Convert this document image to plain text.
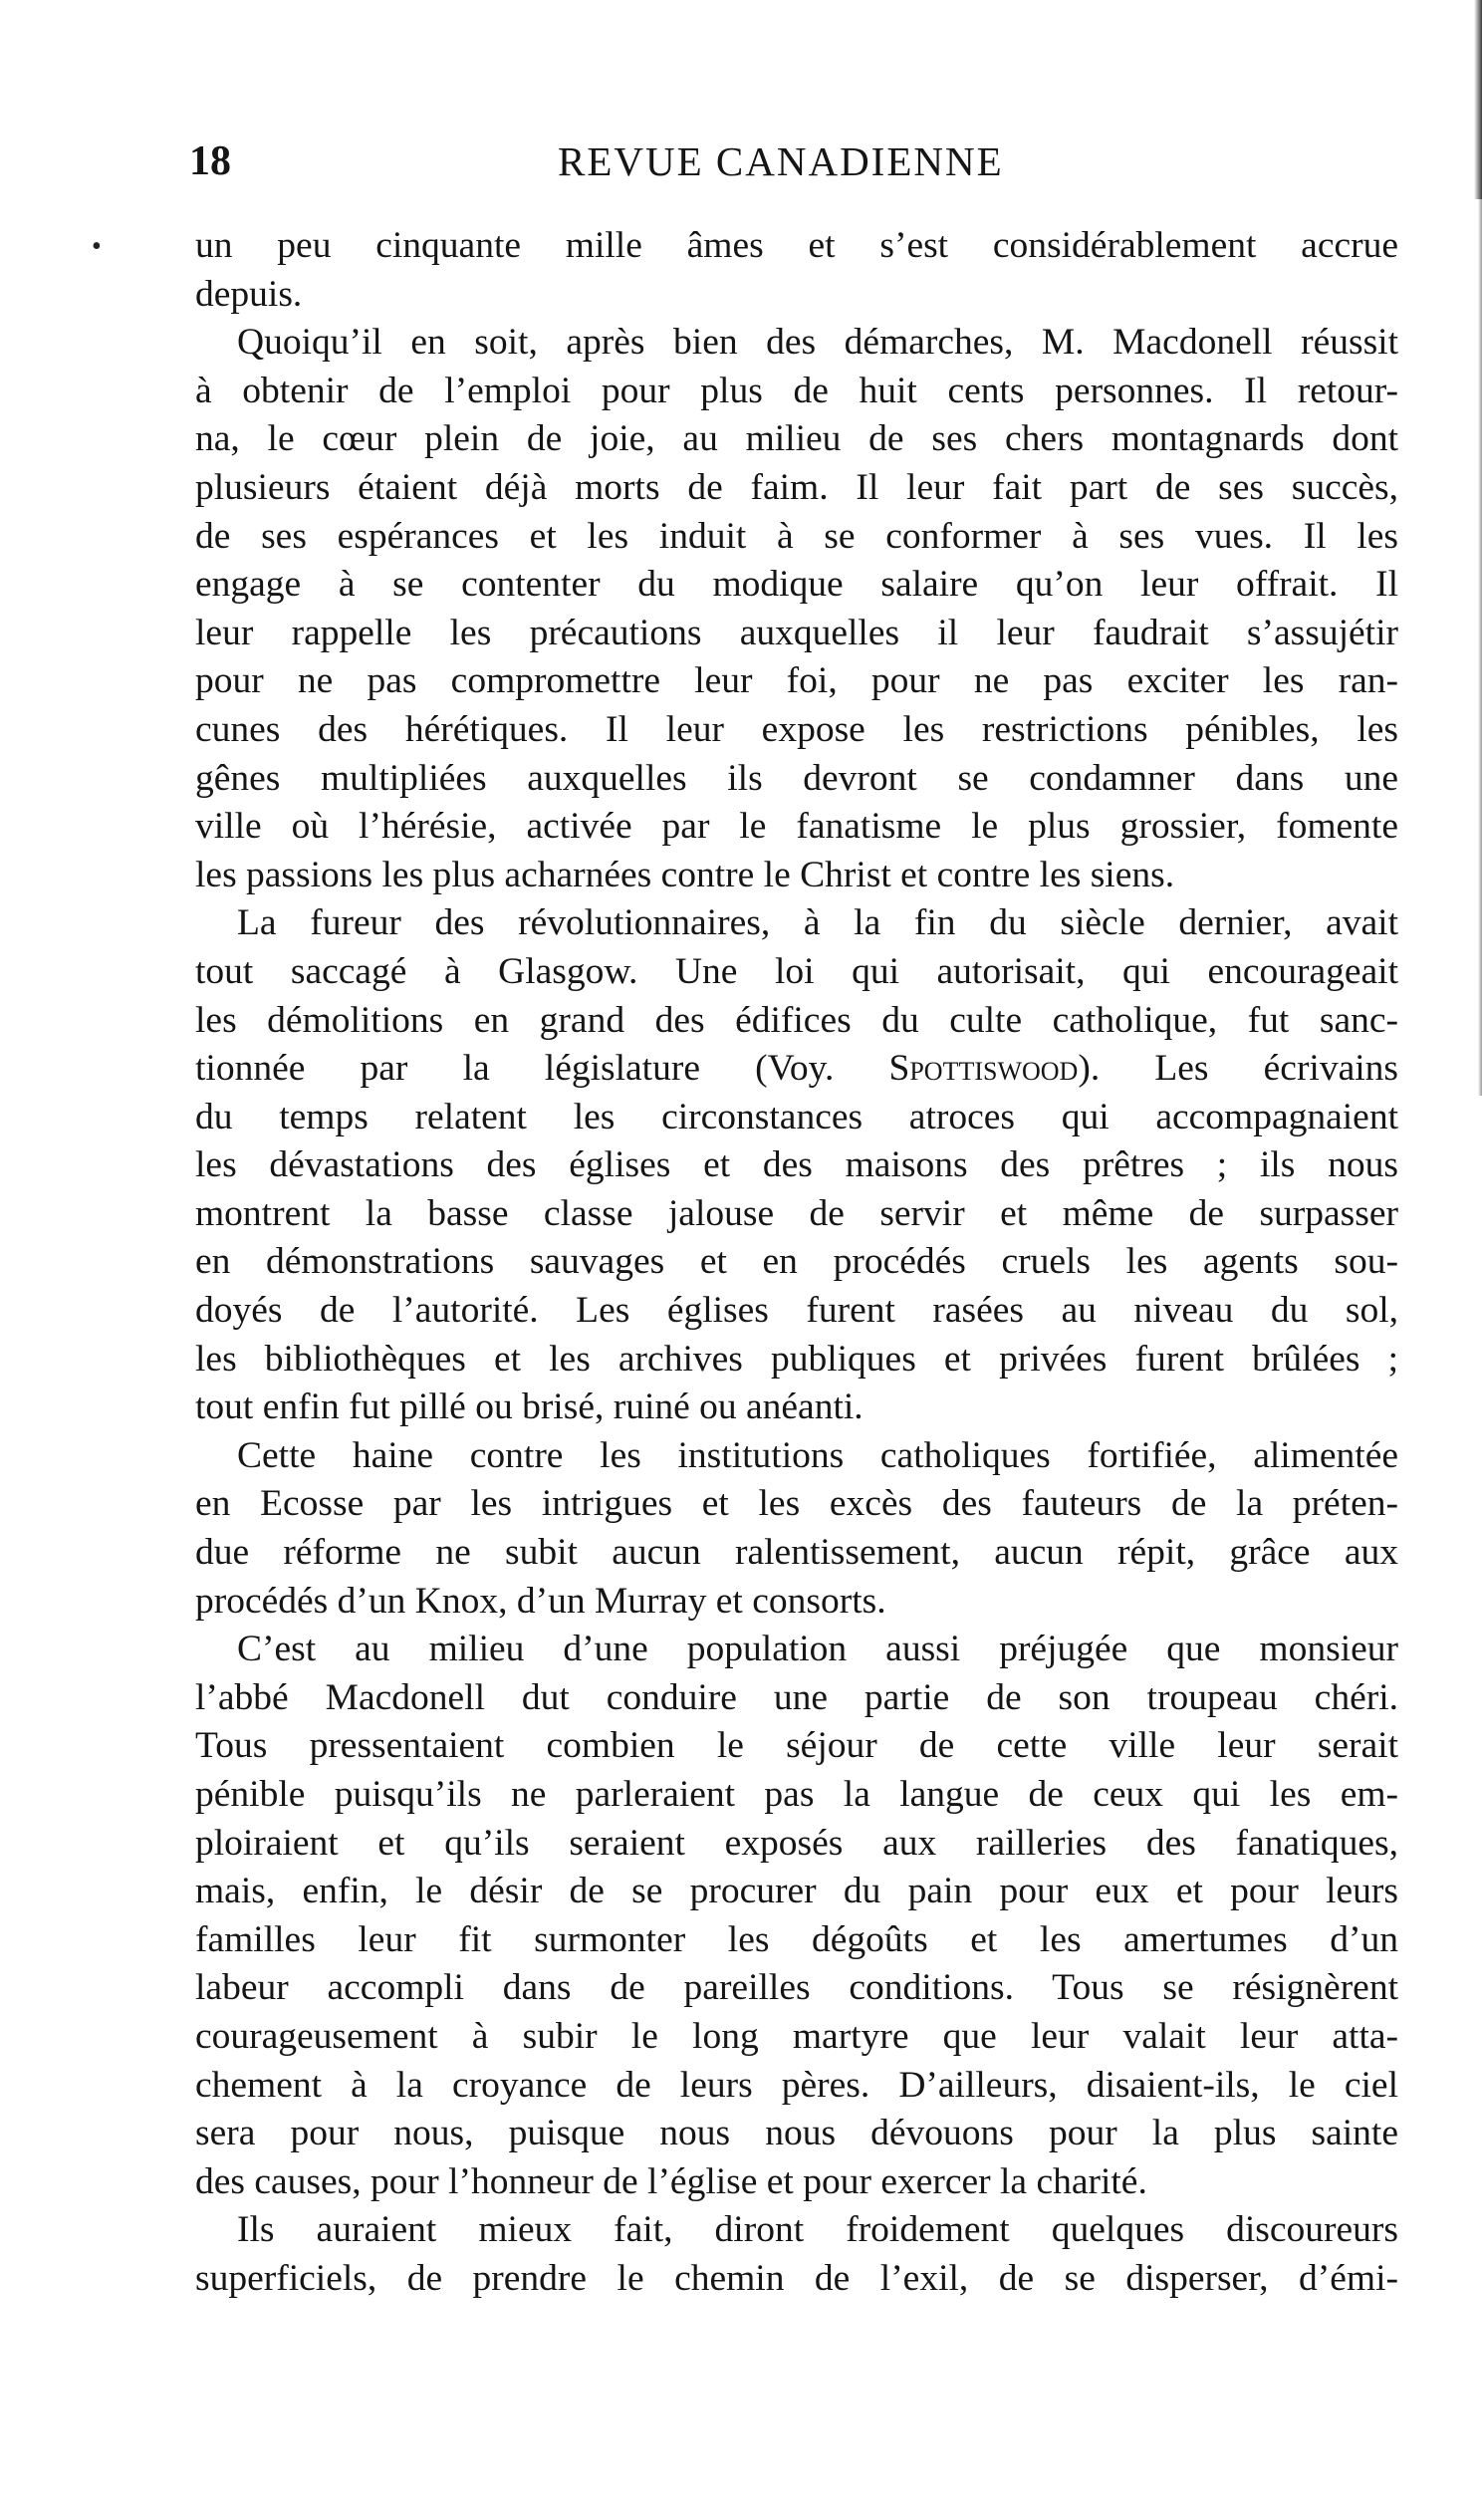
18	REVUE CANADIENNE
•	un peu cinquante mille âmes et s’est considérablement accrue
depuis.
Quoiqu’il en soit, après bien des démarches, M. Macdonell réussit
à obtenir de l’emploi pour plus de huit cents personnes. Il retour-
na, le cœur plein de joie, au milieu de ses chers montagnards dont
plusieurs étaient déjà morts de faim. Il leur fait part de ses succès,
de ses espérances et les induit à se conformer à ses vues. Il les
engage à se contenter du modique salaire qu’on leur offrait. Il
leur rappelle les précautions auxquelles il leur faudrait s’assujétir
pour ne pas compromettre leur foi, pour ne pas exciter les ran-
cunes des hérétiques. Il leur expose les restrictions pénibles, les
gênes multipliées auxquelles ils devront se condamner dans une
ville où l’hérésie, activée par le fanatisme le plus grossier, fomente
les passions les plus acharnées contre le Christ et contre les siens.
La fureur des révolutionnaires, à la fin du siècle dernier, avait
tout saccagé à Glasgow. Une loi qui autorisait, qui encourageait
les démolitions en grand des édifices du culte catholique, fut sanc-
tionnée par la législature (Voy. Spottiswood). Les écrivains
du temps relatent les circonstances atroces qui accompagnaient
les dévastations des églises et des maisons des prêtres ; ils nous
montrent la basse classe jalouse de servir et même de surpasser
en démonstrations sauvages et en procédés cruels les agents sou-
doyés de l’autorité. Les églises furent rasées au niveau du sol,
les bibliothèques et les archives publiques et privées furent brûlées ;
tout enfin fut pillé ou brisé, ruiné ou anéanti.
Cette haine contre les institutions catholiques fortifiée, alimentée
en Ecosse par les intrigues et les excès des fauteurs de la préten-
due réforme ne subit aucun ralentissement, aucun répit, grâce aux
procédés d’un Knox, d’un Murray et consorts.
C’est au milieu d’une population aussi préjugée que monsieur
l’abbé Macdonell dut conduire une partie de son troupeau chéri.
Tous pressentaient combien le séjour de cette ville leur serait
pénible puisqu’ils ne parleraient pas la langue de ceux qui les em-
ploiraient et qu’ils seraient exposés aux railleries des fanatiques,
mais, enfin, le désir de se procurer du pain pour eux et pour leurs
familles leur fit surmonter les dégoûts et les amertumes d’un
labeur accompli dans de pareilles conditions. Tous se résignèrent
courageusement à subir le long martyre que leur valait leur atta-
chement à la croyance de leurs pères. D’ailleurs, disaient-ils, le ciel
sera pour nous, puisque nous nous dévouons pour la plus sainte
des causes, pour l’honneur de l’église et pour exercer la charité.
Ils auraient mieux fait, diront froidement quelques discoureurs
superficiels, de prendre le chemin de l’exil, de se disperser, d’émi-
